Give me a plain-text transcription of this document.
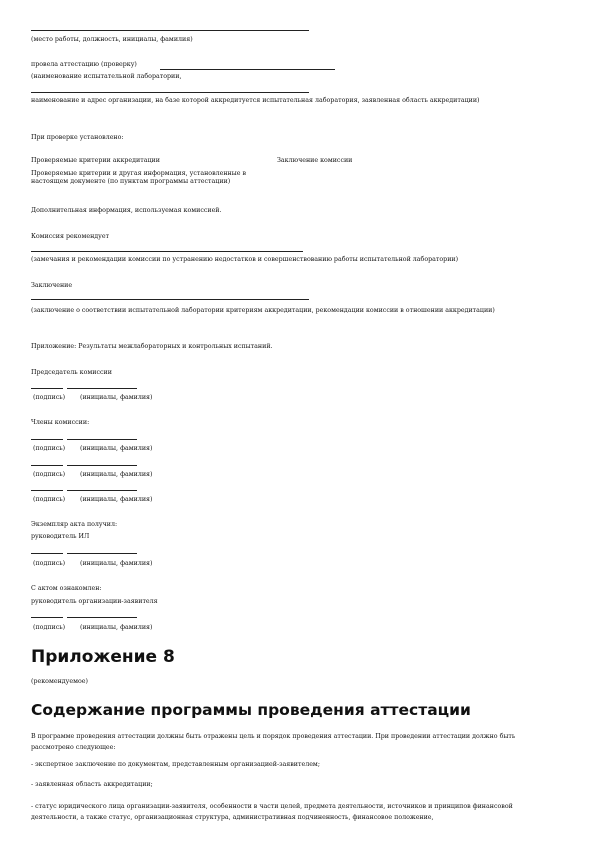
(место работы, должность, инициалы, фамилия)
провела аттестацию (проверку)
(наименование испытательной лаборатории,
наименование и адрес организации, на базе которой аккредитуется испытательная лаборатория, заявленная область аккредитации)
При проверке установлено:
Проверяемые критерии аккредитации	Заключение комиссии
Проверяемые критерии и другая информация, установленные в настоящем документе (по пунктам программы аттестации)
Дополнительная информация, используемая комиссией.
Комиссия рекомендует
(замечания и рекомендации комиссии по устранению недостатков и совершенствованию работы испытательной лаборатории)
Заключение
(заключение о соответствии испытательной лаборатории критериям аккредитации, рекомендации комиссии в отношении аккредитации)
Приложение: Результаты межлабораторных и контрольных испытаний.
Председатель комиссии
(подпись) (инициалы, фамилия)
Члены комиссии:
(подпись) (инициалы, фамилия)
(подпись) (инициалы, фамилия)
(подпись) (инициалы, фамилия)
Экземпляр акта получил:
руководитель ИЛ
(подпись) (инициалы, фамилия)
С актом ознакомлен:
руководитель организации-заявителя
(подпись) (инициалы, фамилия)
Приложение 8
(рекомендуемое)
Содержание программы проведения аттестации
В программе проведения аттестации должны быть отражены цель и порядок проведения аттестации. При проведении аттестации должно быть рассмотрено следующее:
- экспертное заключение по документам, представленным организацией-заявителем;
- заявленная область аккредитации;
- статус юридического лица организации-заявителя, особенности в части целей, предмета деятельности, источников и принципов финансовой деятельности, а также статус, организационная структура, административная подчиненность, финансовое положение,
